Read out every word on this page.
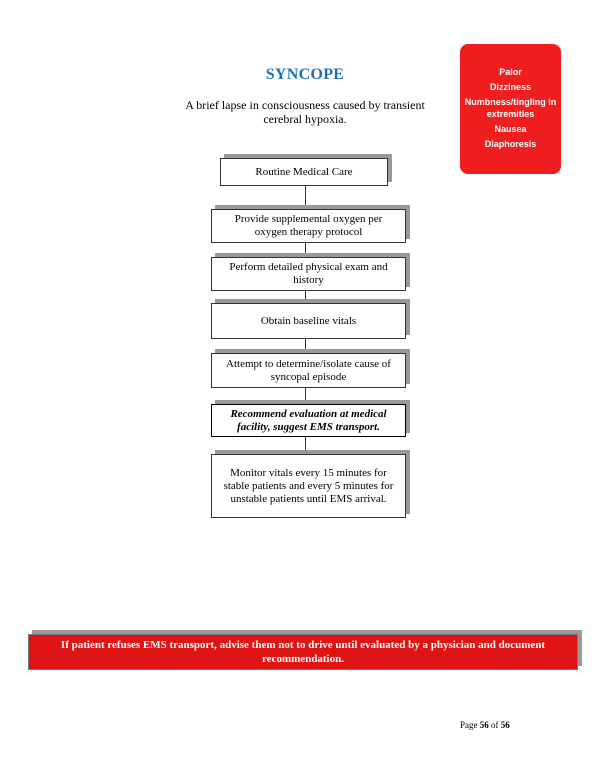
SYNCOPE
A brief lapse in consciousness caused by transient cerebral hypoxia.
Palor
Dizziness
Numbness/tingling in extremities
Nausea
Diaphoresis
Routine Medical Care
Provide supplemental oxygen per oxygen therapy protocol
Perform detailed physical exam and history
Obtain baseline vitals
Attempt to determine/isolate cause of syncopal episode
Recommend evaluation at medical facility, suggest EMS transport.
Monitor vitals every 15 minutes for stable patients and every 5 minutes for unstable patients until EMS arrival.
If patient refuses EMS transport, advise them not to drive until evaluated by a physician and document recommendation.
Page 56 of 56
